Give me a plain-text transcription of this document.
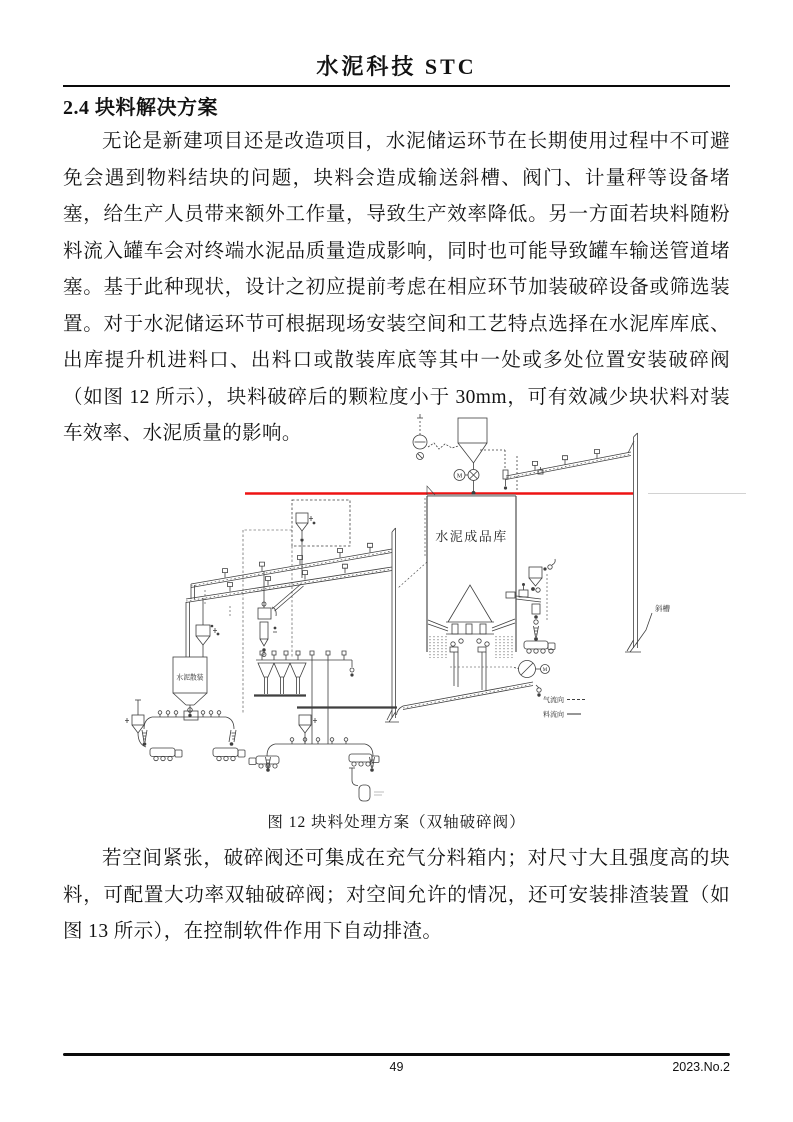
水泥科技 STC
2.4 块料解决方案
无论是新建项目还是改造项目，水泥储运环节在长期使用过程中不可避免会遇到物料结块的问题，块料会造成输送斜槽、阀门、计量秤等设备堵塞，给生产人员带来额外工作量，导致生产效率降低。另一方面若块料随粉料流入罐车会对终端水泥品质量造成影响，同时也可能导致罐车输送管道堵塞。基于此种现状，设计之初应提前考虑在相应环节加装破碎设备或筛选装置。对于水泥储运环节可根据现场安装空间和工艺特点选择在水泥库库底、出库提升机进料口、出料口或散装库底等其中一处或多处位置安装破碎阀（如图 12 所示），块料破碎后的颗粒度小于 30mm，可有效减少块状料对装车效率、水泥质量的影响。
斜槽
M
水泥成品库
M
水泥散装
气流向
料流向
图 12 块料处理方案（双轴破碎阀）
若空间紧张，破碎阀还可集成在充气分料箱内；对尺寸大且强度高的块料，可配置大功率双轴破碎阀；对空间允许的情况，还可安装排渣装置（如图 13 所示），在控制软件作用下自动排渣。
49	2023.No.2
